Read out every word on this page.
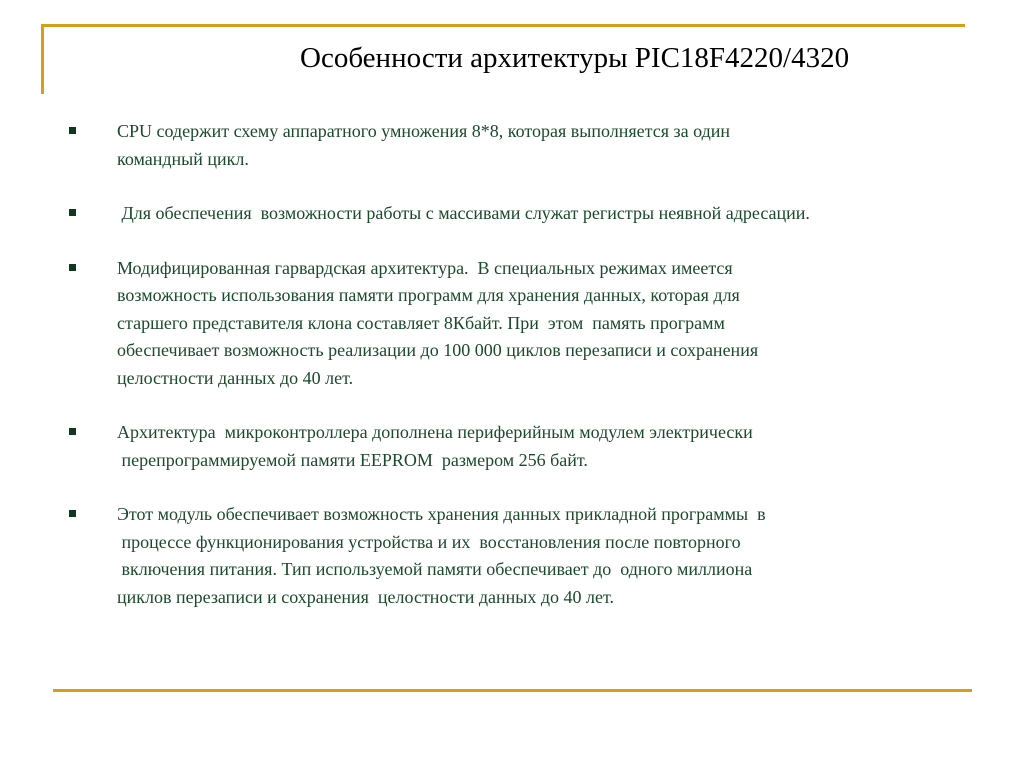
Особенности архитектуры PIC18F4220/4320
CPU содержит схему аппаратного умножения 8*8, которая выполняется за один
командный цикл.
Для обеспечения  возможности работы с массивами служат регистры неявной адресации.
Модифицированная гарвардская архитектура.  В специальных режимах имеется
возможность использования памяти программ для хранения данных, которая для
старшего представителя клона составляет 8Кбайт. При  этом  память программ
обеспечивает возможность реализации до 100 000 циклов перезаписи и сохранения
целостности данных до 40 лет.
Архитектура  микроконтроллера дополнена периферийным модулем электрически
перепрограммируемой памяти EEPROM  размером 256 байт.
Этот модуль обеспечивает возможность хранения данных прикладной программы  в
процессе функционирования устройства и их  восстановления после повторного
включения питания. Тип используемой памяти обеспечивает до  одного миллиона
циклов перезаписи и сохранения  целостности данных до 40 лет.
